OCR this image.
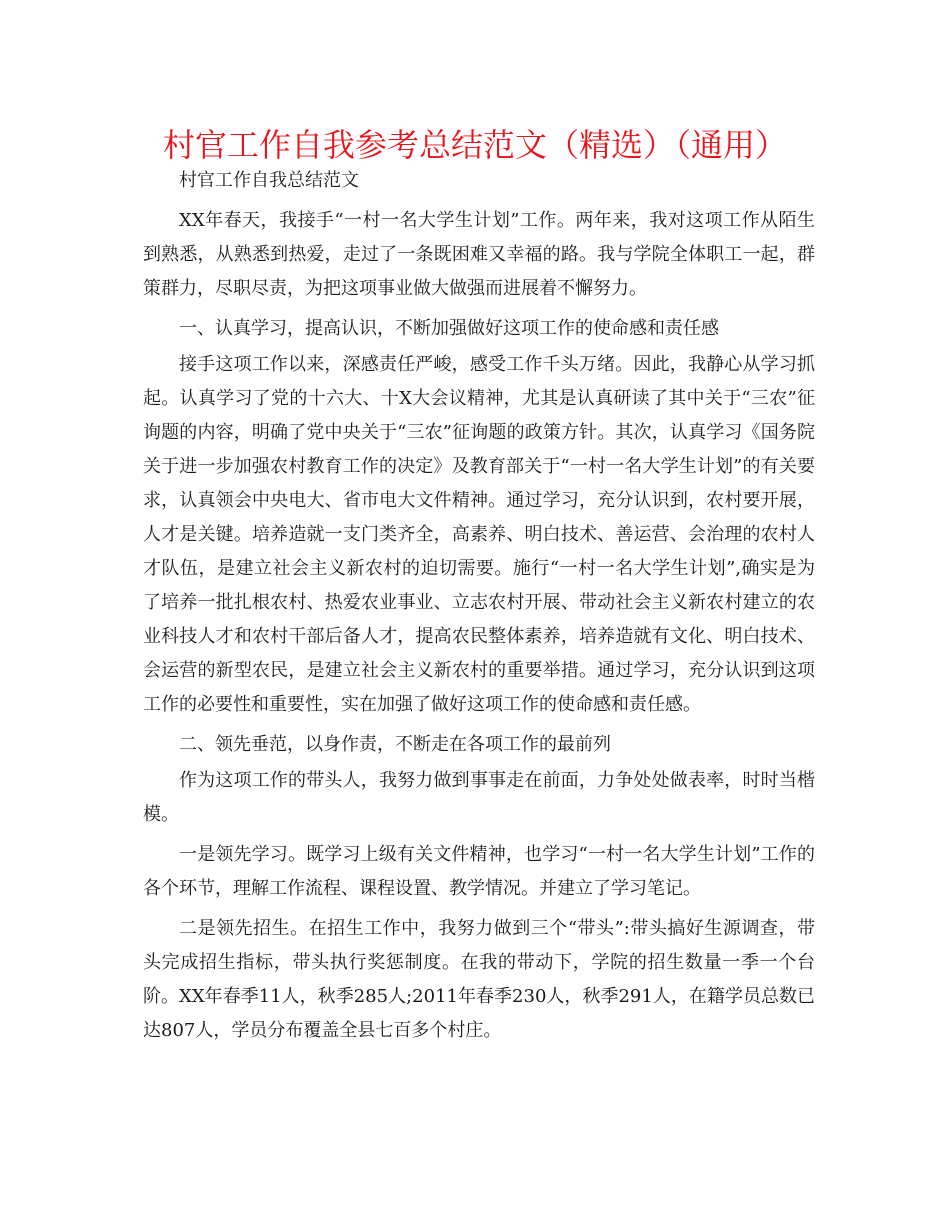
村官工作自我参考总结范文（精选）（通用）

村官工作自我总结范文

XX年春天，我接手“一村一名大学生计划”工作。两年来，我对这项工作从陌生到熟悉，从熟悉到热爱，走过了一条既困难又幸福的路。我与学院全体职工一起，群策群力，尽职尽责，为把这项事业做大做强而进展着不懈努力。

一、认真学习，提高认识，不断加强做好这项工作的使命感和责任感

接手这项工作以来，深感责任严峻，感受工作千头万绪。因此，我静心从学习抓起。认真学习了党的十六大、十X大会议精神，尤其是认真研读了其中关于“三农”征询题的内容，明确了党中央关于“三农”征询题的政策方针。其次，认真学习《国务院关于进一步加强农村教育工作的决定》及教育部关于“一村一名大学生计划”的有关要求，认真领会中央电大、省市电大文件精神。通过学习，充分认识到，农村要开展，人才是关键。培养造就一支门类齐全，高素养、明白技术、善运营、会治理的农村人才队伍，是建立社会主义新农村的迫切需要。施行“一村一名大学生计划”,确实是为了培养一批扎根农村、热爱农业事业、立志农村开展、带动社会主义新农村建立的农业科技人才和农村干部后备人才，提高农民整体素养，培养造就有文化、明白技术、会运营的新型农民，是建立社会主义新农村的重要举措。通过学习，充分认识到这项工作的必要性和重要性，实在加强了做好这项工作的使命感和责任感。

二、领先垂范，以身作责，不断走在各项工作的最前列

作为这项工作的带头人，我努力做到事事走在前面，力争处处做表率，时时当楷模。

一是领先学习。既学习上级有关文件精神，也学习“一村一名大学生计划”工作的各个环节，理解工作流程、课程设置、教学情况。并建立了学习笔记。

二是领先招生。在招生工作中，我努力做到三个“带头”:带头搞好生源调查，带头完成招生指标，带头执行奖惩制度。在我的带动下，学院的招生数量一季一个台阶。XX年春季11人，秋季285人;2011年春季230人，秋季291人，在籍学员总数已达807人，学员分布覆盖全县七百多个村庄。
